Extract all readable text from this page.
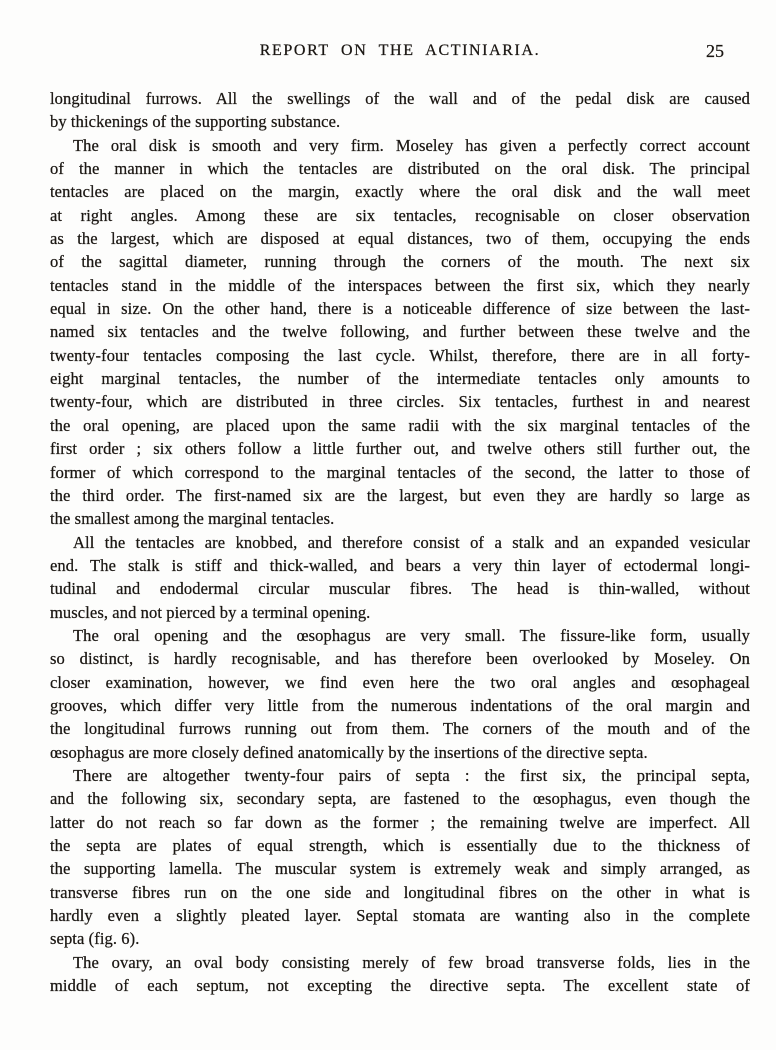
REPORT ON THE ACTINIARIA.	25
longitudinal furrows. All the swellings of the wall and of the pedal disk are caused
by thickenings of the supporting substance.
The oral disk is smooth and very firm. Moseley has given a perfectly correct account
of the manner in which the tentacles are distributed on the oral disk. The principal
tentacles are placed on the margin, exactly where the oral disk and the wall meet
at right angles. Among these are six tentacles, recognisable on closer observation
as the largest, which are disposed at equal distances, two of them, occupying the ends
of the sagittal diameter, running through the corners of the mouth. The next six
tentacles stand in the middle of the interspaces between the first six, which they nearly
equal in size. On the other hand, there is a noticeable difference of size between the last-
named six tentacles and the twelve following, and further between these twelve and the
twenty-four tentacles composing the last cycle. Whilst, therefore, there are in all forty-
eight marginal tentacles, the number of the intermediate tentacles only amounts to
twenty-four, which are distributed in three circles. Six tentacles, furthest in and nearest
the oral opening, are placed upon the same radii with the six marginal tentacles of the
first order ; six others follow a little further out, and twelve others still further out, the
former of which correspond to the marginal tentacles of the second, the latter to those of
the third order. The first-named six are the largest, but even they are hardly so large as
the smallest among the marginal tentacles.
All the tentacles are knobbed, and therefore consist of a stalk and an expanded vesicular
end. The stalk is stiff and thick-walled, and bears a very thin layer of ectodermal longi-
tudinal and endodermal circular muscular fibres. The head is thin-walled, without
muscles, and not pierced by a terminal opening.
The oral opening and the œsophagus are very small. The fissure-like form, usually
so distinct, is hardly recognisable, and has therefore been overlooked by Moseley. On
closer examination, however, we find even here the two oral angles and œsophageal
grooves, which differ very little from the numerous indentations of the oral margin and
the longitudinal furrows running out from them. The corners of the mouth and of the
œsophagus are more closely defined anatomically by the insertions of the directive septa.
There are altogether twenty-four pairs of septa : the first six, the principal septa,
and the following six, secondary septa, are fastened to the œsophagus, even though the
latter do not reach so far down as the former ; the remaining twelve are imperfect. All
the septa are plates of equal strength, which is essentially due to the thickness of
the supporting lamella. The muscular system is extremely weak and simply arranged, as
transverse fibres run on the one side and longitudinal fibres on the other in what is
hardly even a slightly pleated layer. Septal stomata are wanting also in the complete
septa (fig. 6).
The ovary, an oval body consisting merely of few broad transverse folds, lies in the
middle of each septum, not excepting the directive septa. The excellent state of
